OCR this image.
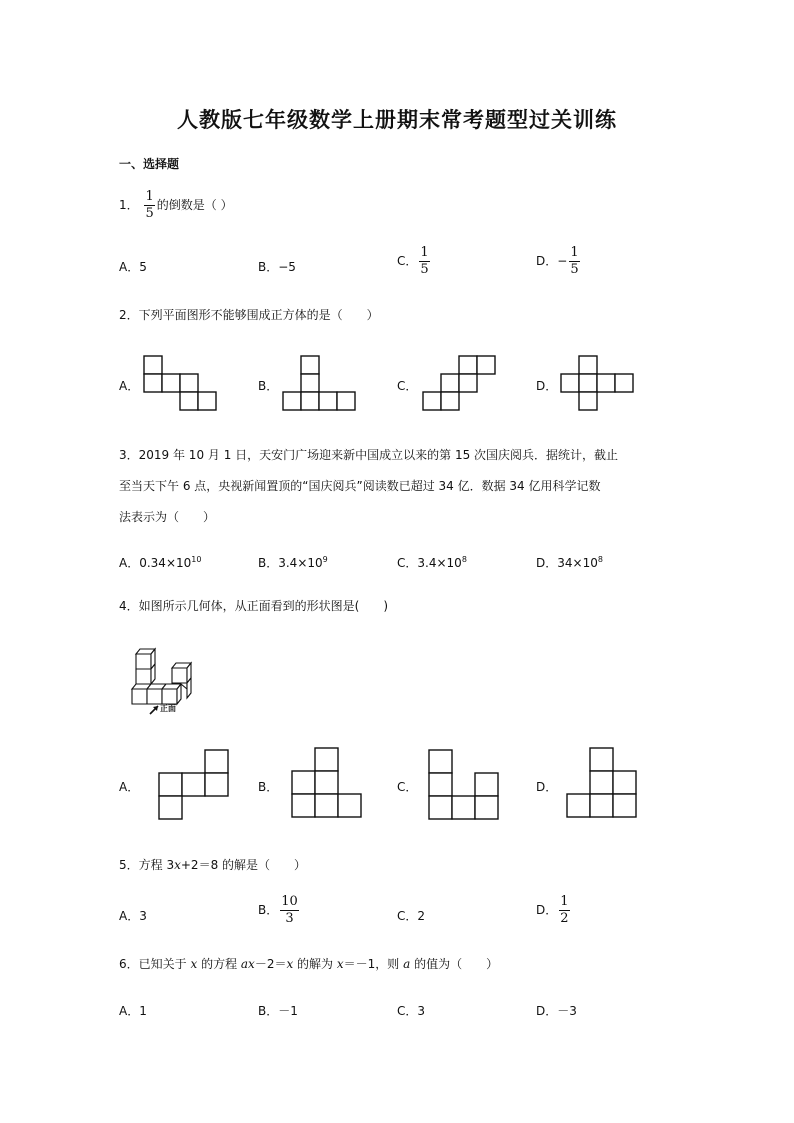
人教版七年级数学上册期末常考题型过关训练
一、选择题
1． $\frac{1}{5}$ 的倒数是（ ）
A．5	B．−5	C． $\frac{1}{5}$	D．− $\frac{1}{5}$
2．下列平面图形不能够围成正方体的是（　　）
A．	B．	C．	D．
3．2019 年 10 月 1 日，天安门广场迎来新中国成立以来的第 15 次国庆阅兵．据统计，截止
至当天下午 6 点，央视新闻置顶的“国庆阅兵”阅读数已超过 34 亿．数据 34 亿用科学记数
法表示为（　　）
A．$0.34\times 10^{10}$	B．$3.4\times 10^9$	C．$3.4\times 10^8$	D．$34\times 10^8$
4．如图所示几何体，从正面看到的形状图是(　　)
正面
A．	B．	C．	D．
5．方程 3x+2＝8 的解是（　　）
A．3	B． $\frac{10}{3}$	C．2	D． $\frac{1}{2}$
6．已知关于 x 的方程 ax－2＝x 的解为 x＝－1，则 a 的值为（　　）
A．1	B．－1	C．3	D．－3
